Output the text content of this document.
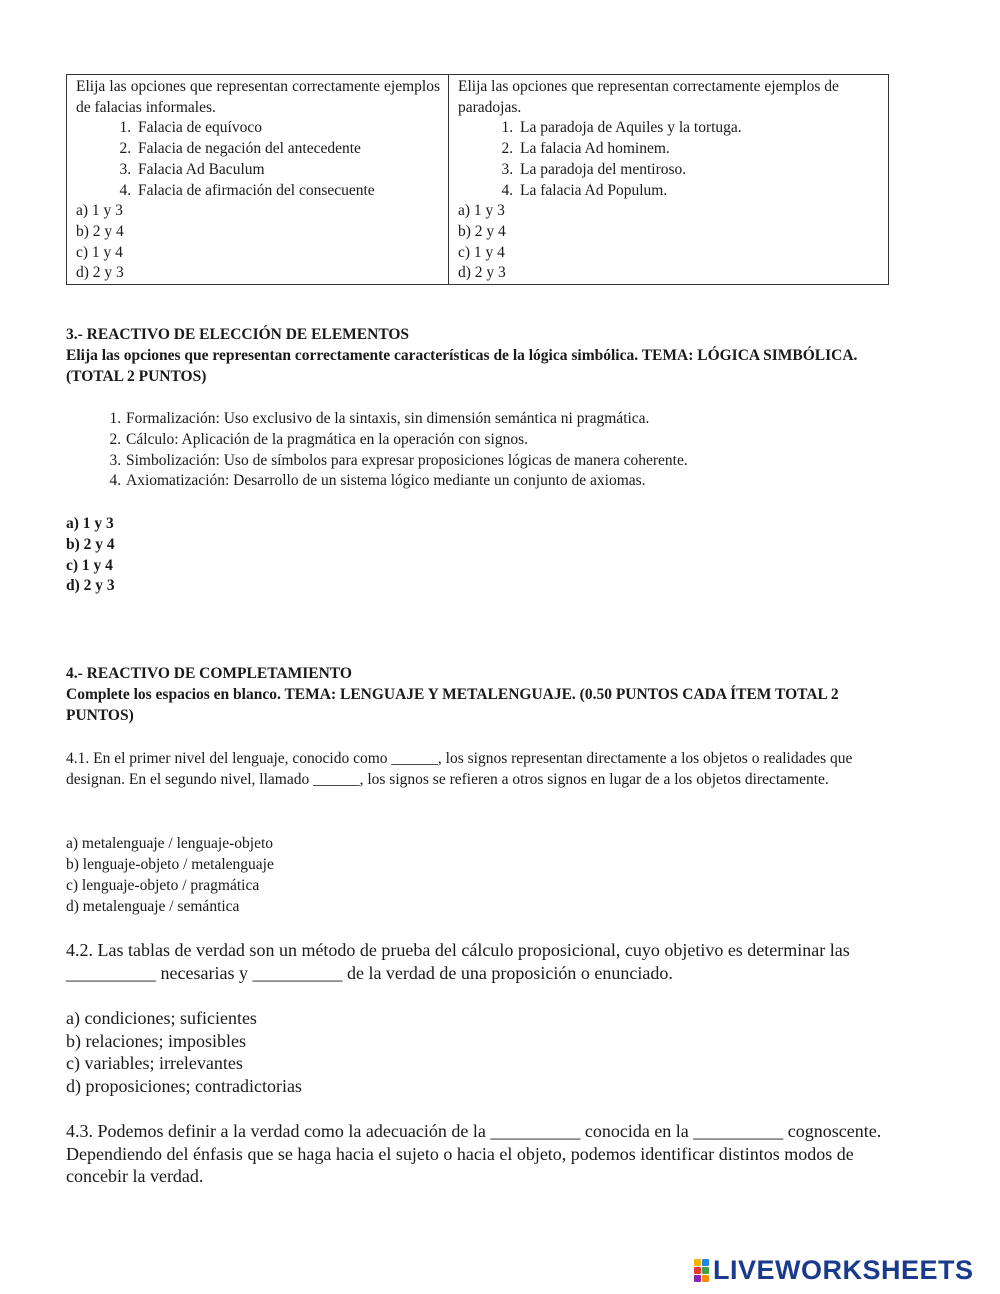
Elija las opciones que representan correctamente ejemplos de falacias informales.
1. Falacia de equívoco
2. Falacia de negación del antecedente
3. Falacia Ad Baculum
4. Falacia de afirmación del consecuente
a) 1 y 3
b) 2 y 4
c) 1 y 4
d) 2 y 3

Elija las opciones que representan correctamente ejemplos de paradojas.
1. La paradoja de Aquiles y la tortuga.
2. La falacia Ad hominem.
3. La paradoja del mentiroso.
4. La falacia Ad Populum.
a) 1 y 3
b) 2 y 4
c) 1 y 4
d) 2 y 3

3.- REACTIVO DE ELECCIÓN DE ELEMENTOS

Elija las opciones que representan correctamente características de la lógica simbólica. TEMA: LÓGICA SIMBÓLICA. (TOTAL 2 PUNTOS)

1. Formalización: Uso exclusivo de la sintaxis, sin dimensión semántica ni pragmática.
2. Cálculo: Aplicación de la pragmática en la operación con signos.
3. Simbolización: Uso de símbolos para expresar proposiciones lógicas de manera coherente.
4. Axiomatización: Desarrollo de un sistema lógico mediante un conjunto de axiomas.
a) 1 y 3
b) 2 y 4
c) 1 y 4
d) 2 y 3

4.- REACTIVO DE COMPLETAMIENTO

Complete los espacios en blanco. TEMA: LENGUAJE Y METALENGUAJE. (0.50 PUNTOS CADA ÍTEM TOTAL 2 PUNTOS)

4.1. En el primer nivel del lenguaje, conocido como ______, los signos representan directamente a los objetos o realidades que designan. En el segundo nivel, llamado ______, los signos se refieren a otros signos en lugar de a los objetos directamente.

a) metalenguaje / lenguaje-objeto
b) lenguaje-objeto / metalenguaje
c) lenguaje-objeto / pragmática
d) metalenguaje / semántica

4.2. Las tablas de verdad son un método de prueba del cálculo proposicional, cuyo objetivo es determinar las __________ necesarias y __________ de la verdad de una proposición o enunciado.

a) condiciones; suficientes
b) relaciones; imposibles
c) variables; irrelevantes
d) proposiciones; contradictorias

4.3. Podemos definir a la verdad como la adecuación de la __________ conocida en la __________ cognoscente. Dependiendo del énfasis que se haga hacia el sujeto o hacia el objeto, podemos identificar distintos modos de concebir la verdad.

LIVEWORKSHEETS
